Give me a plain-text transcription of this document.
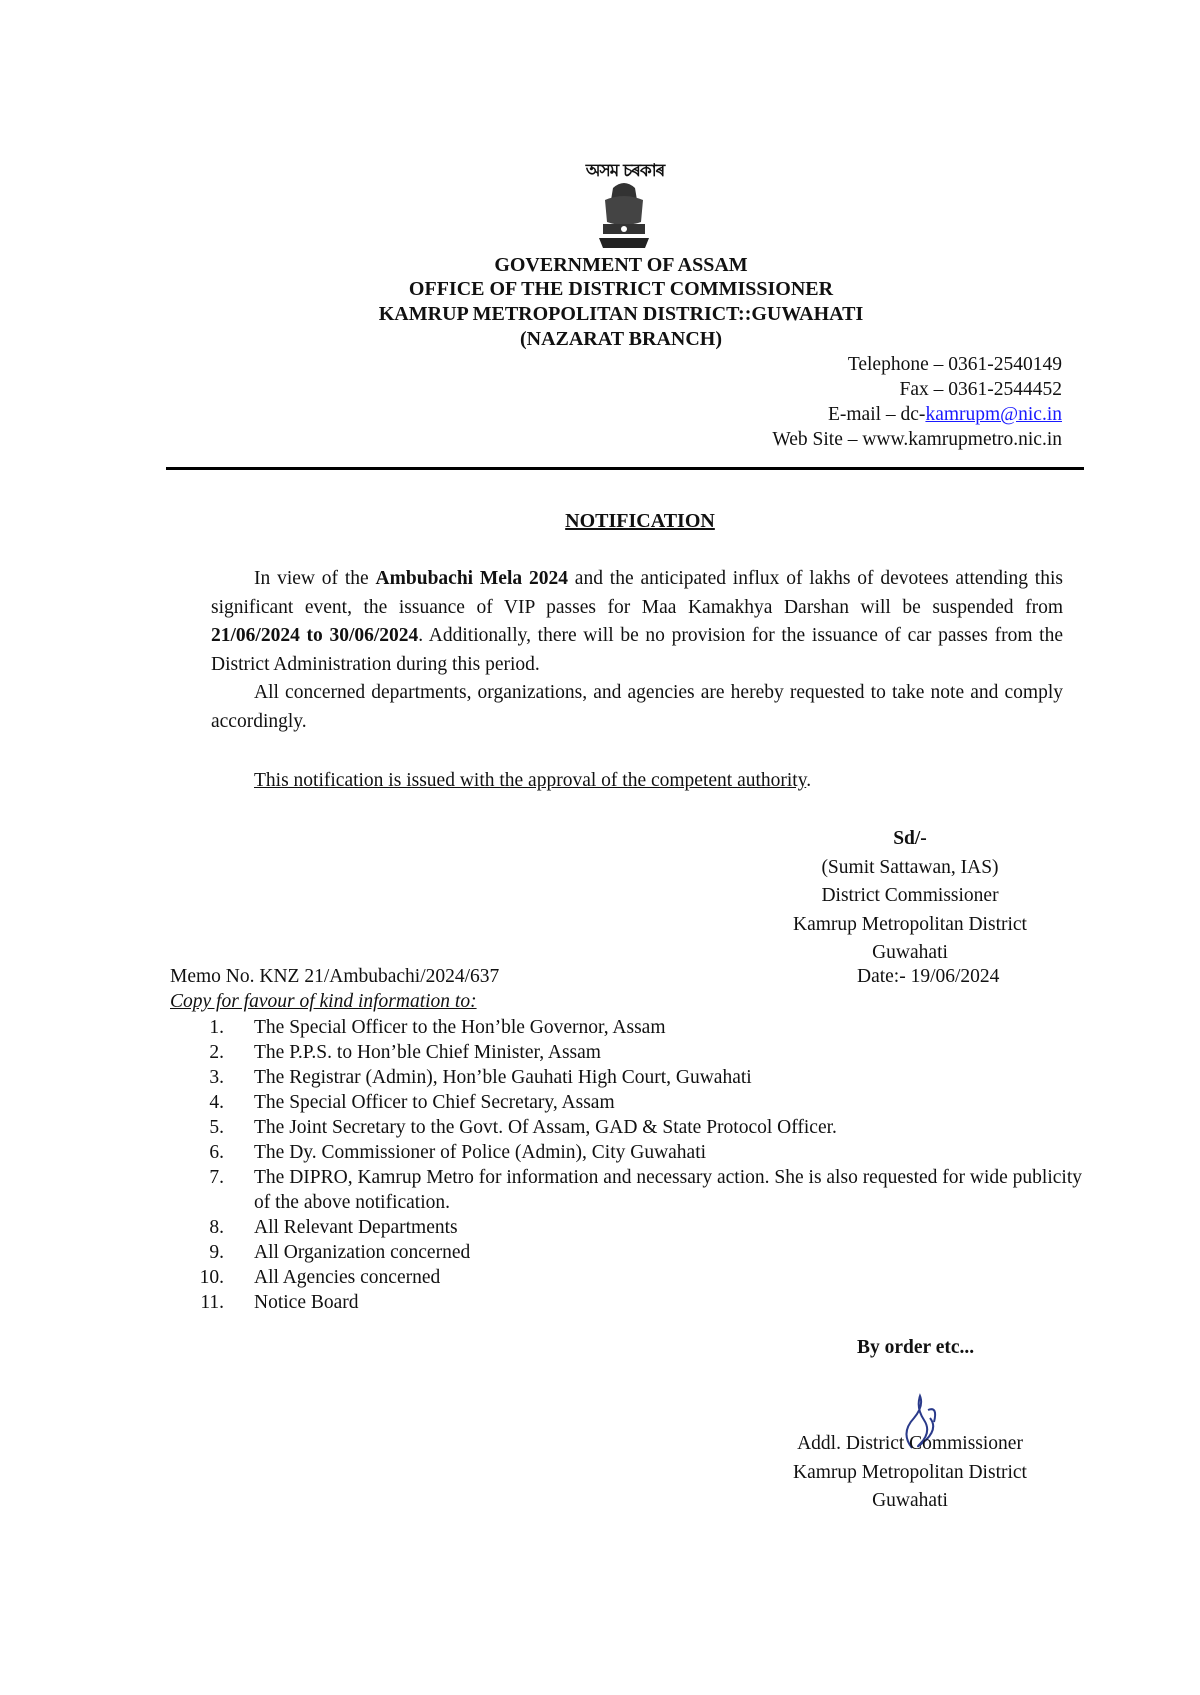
অসম চৰকাৰ
GOVERNMENT OF ASSAM
OFFICE OF THE DISTRICT COMMISSIONER
KAMRUP METROPOLITAN DISTRICT::GUWAHATI
(NAZARAT BRANCH)
Telephone – 0361-2540149
Fax – 0361-2544452
E-mail – dc-kamrupm@nic.in
Web Site – www.kamrupmetro.nic.in
NOTIFICATION

In view of the Ambubachi Mela 2024 and the anticipated influx of lakhs of devotees attending this significant event, the issuance of VIP passes for Maa Kamakhya Darshan will be suspended from 21/06/2024 to 30/06/2024. Additionally, there will be no provision for the issuance of car passes from the District Administration during this period.

All concerned departments, organizations, and agencies are hereby requested to take note and comply accordingly.

This notification is issued with the approval of the competent authority.
Sd/-
(Sumit Sattawan, IAS)
District Commissioner
Kamrup Metropolitan District
Guwahati
Memo No. KNZ 21/Ambubachi/2024/637	Date:- 19/06/2024
Copy for favour of kind information to:
1.	The Special Officer to the Hon’ble Governor, Assam
2.	The P.P.S. to Hon’ble Chief Minister, Assam
3.	The Registrar (Admin), Hon’ble Gauhati High Court, Guwahati
4.	The Special Officer to Chief Secretary, Assam
5.	The Joint Secretary to the Govt. Of Assam, GAD & State Protocol Officer.
6.	The Dy. Commissioner of Police (Admin), City Guwahati
7.	The DIPRO, Kamrup Metro for information and necessary action. She is also requested for wide publicity of the above notification.
8.	All Relevant Departments
9.	All Organization concerned
10.	All Agencies concerned
11.	Notice Board
By order etc...
Addl. District Commissioner
Kamrup Metropolitan District
Guwahati
